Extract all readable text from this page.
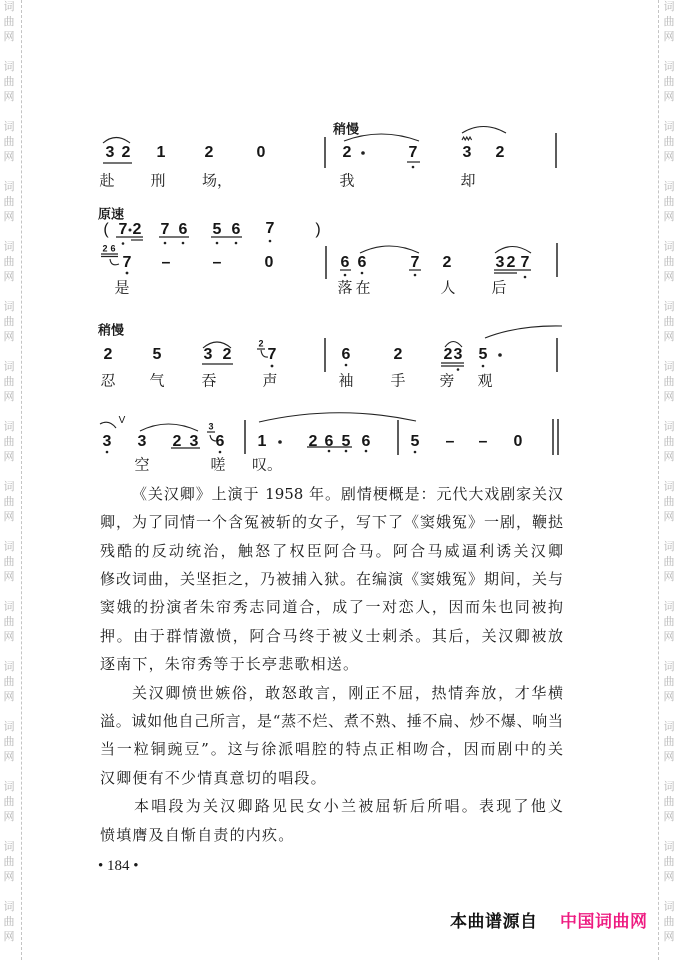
词曲网
词曲网
词曲网
词曲网
词曲网
词曲网
词曲网
词曲网
词曲网
词曲网
词曲网
词曲网
词曲网
词曲网
词曲网
词曲网
词曲网
词曲网
词曲网
词曲网
词曲网
词曲网
词曲网
词曲网
词曲网
词曲网
词曲网
词曲网
词曲网
词曲网
词曲网
词曲网
3 2 1 2	0
稍慢
2	7	3 2
赴 刑 场，	我	却
原速
( 7 2 7 6 5 6 7	)
2 6
7 –	–	0	6 6	7 2	3 2 7
是	落 在	人 后
稍慢
2	5	3 2
2
7	6	2	2 3 5
忍 气 吞	声	袖 手 旁 观
3
V
3 2 3
3
6 1	2 6 5 6	5 – – 0
空	嗟 叹。
《关汉卿》上演于 1958 年。剧情梗概是：元代大戏剧家关汉
卿，为了同情一个含冤被斩的女子，写下了《窦娥冤》一剧，鞭挞
残酷的反动统治，触怒了权臣阿合马。阿合马威逼利诱关汉卿
修改词曲，关坚拒之，乃被捕入狱。在编演《窦娥冤》期间，关与
窦娥的扮演者朱帘秀志同道合，成了一对恋人，因而朱也同被拘
押。由于群情激愤，阿合马终于被义士刺杀。其后，关汉卿被放
逐南下，朱帘秀等于长亭悲歌相送。
关汉卿愤世嫉俗，敢怒敢言，刚正不屈，热情奔放，才华横
溢。诚如他自己所言，是“蒸不烂、煮不熟、捶不扁、炒不爆、响当
当一粒铜豌豆”。这与徐派唱腔的特点正相吻合，因而剧中的关
汉卿便有不少情真意切的唱段。
本唱段为关汉卿路见民女小兰被屈斩后所唱。表现了他义
愤填膺及自惭自责的内疚。
• 184 •
本曲谱源自 中国词曲网
